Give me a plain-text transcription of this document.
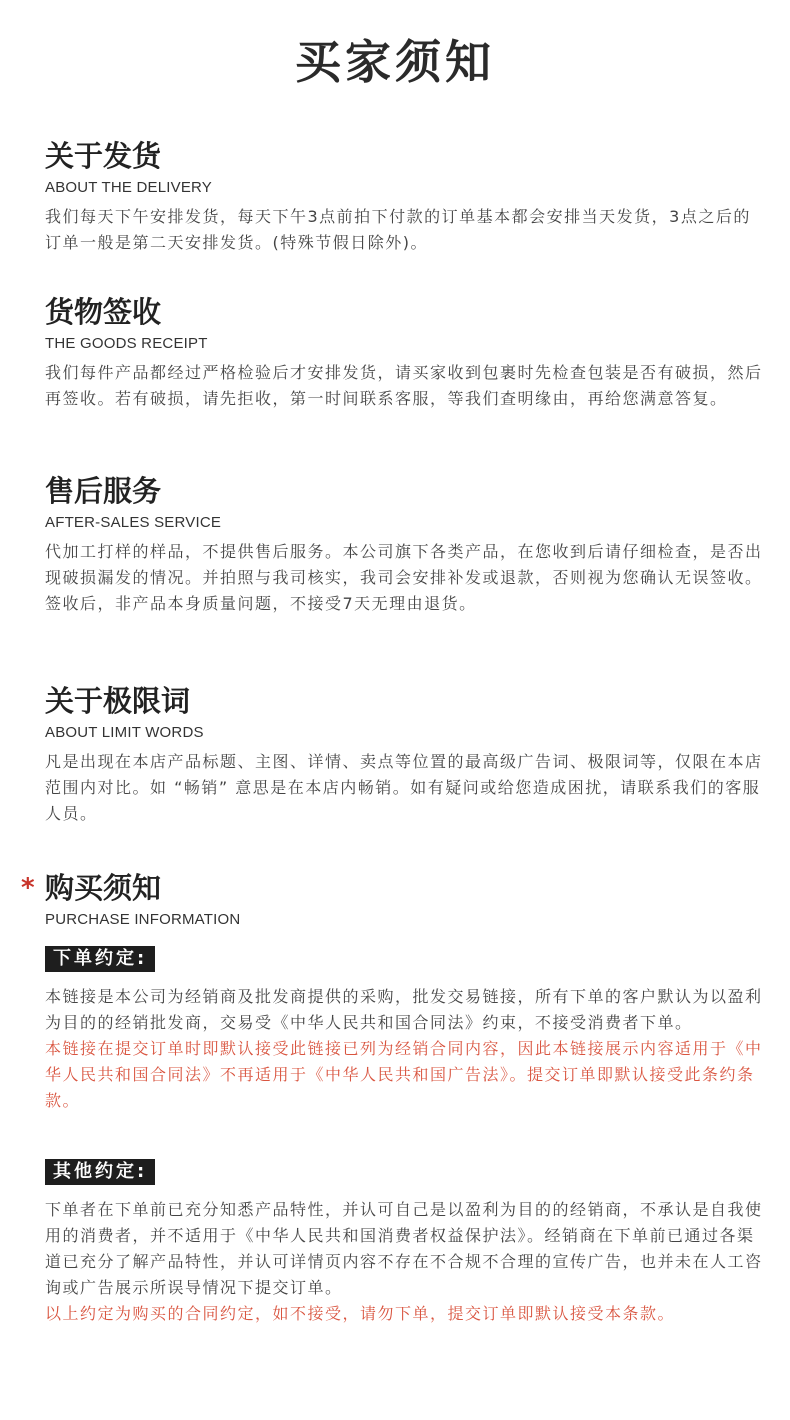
买家须知
关于发货
ABOUT THE DELIVERY
我们每天下午安排发货，每天下午3点前拍下付款的订单基本都会安排当天发货，3点之后的订单一般是第二天安排发货。(特殊节假日除外)。
货物签收
THE GOODS RECEIPT
我们每件产品都经过严格检验后才安排发货，请买家收到包裹时先检查包装是否有破损，然后再签收。若有破损，请先拒收，第一时间联系客服，等我们查明缘由，再给您满意答复。
售后服务
AFTER-SALES SERVICE
代加工打样的样品，不提供售后服务。本公司旗下各类产品，在您收到后请仔细检查，是否出现破损漏发的情况。并拍照与我司核实，我司会安排补发或退款，否则视为您确认无误签收。签收后，非产品本身质量问题，不接受7天无理由退货。
关于极限词
ABOUT LIMIT WORDS
凡是出现在本店产品标题、主图、详情、卖点等位置的最高级广告词、极限词等，仅限在本店范围内对比。如 “畅销” 意思是在本店内畅销。如有疑问或给您造成困扰，请联系我们的客服人员。
* 购买须知
PURCHASE INFORMATION
下单约定:
本链接是本公司为经销商及批发商提供的采购，批发交易链接，所有下单的客户默认为以盈利为目的的经销批发商，交易受《中华人民共和国合同法》约束，不接受消费者下单。
本链接在提交订单时即默认接受此链接已列为经销合同内容，因此本链接展示内容适用于《中华人民共和国合同法》不再适用于《中华人民共和国广告法》。提交订单即默认接受此条约条款。
其他约定:
下单者在下单前已充分知悉产品特性，并认可自己是以盈利为目的的经销商，不承认是自我使用的消费者，并不适用于《中华人民共和国消费者权益保护法》。经销商在下单前已通过各渠道已充分了解产品特性，并认可详情页内容不存在不合规不合理的宣传广告，也并未在人工咨询或广告展示所误导情况下提交订单。
以上约定为购买的合同约定，如不接受，请勿下单，提交订单即默认接受本条款。
